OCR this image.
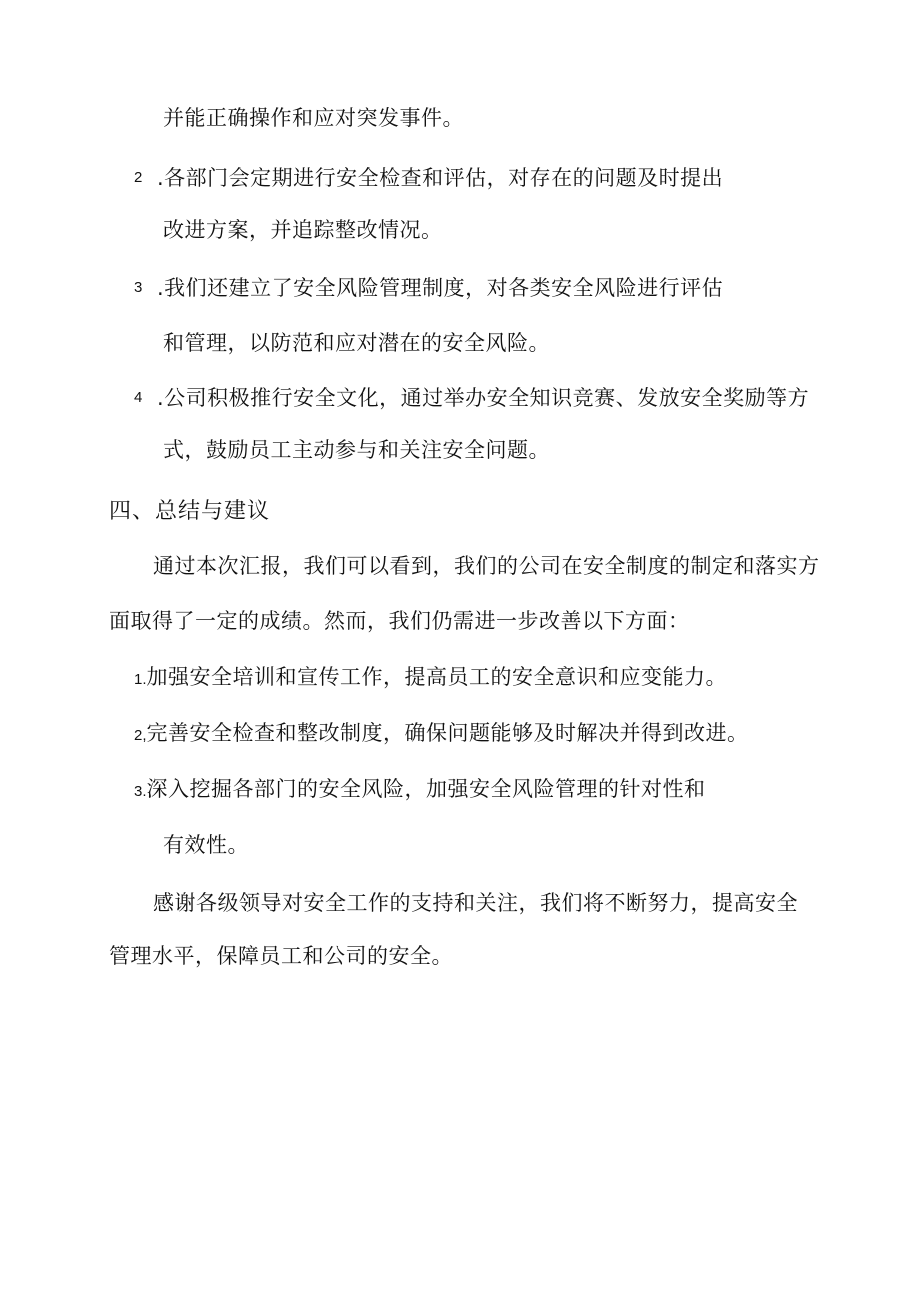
并能正确操作和应对突发事件。
2 .各部门会定期进行安全检查和评估，对存在的问题及时提出
改进方案，并追踪整改情况。
3 .我们还建立了安全风险管理制度，对各类安全风险进行评估
和管理，以防范和应对潜在的安全风险。
4 .公司积极推行安全文化，通过举办安全知识竞赛、发放安全奖励等方
式，鼓励员工主动参与和关注安全问题。
四、总结与建议
通过本次汇报，我们可以看到，我们的公司在安全制度的制定和落实方
面取得了一定的成绩。然而，我们仍需进一步改善以下方面：
1.加强安全培训和宣传工作，提高员工的安全意识和应变能力。
2,完善安全检查和整改制度，确保问题能够及时解决并得到改进。
3.深入挖掘各部门的安全风险，加强安全风险管理的针对性和
有效性。
感谢各级领导对安全工作的支持和关注，我们将不断努力，提高安全
管理水平，保障员工和公司的安全。
